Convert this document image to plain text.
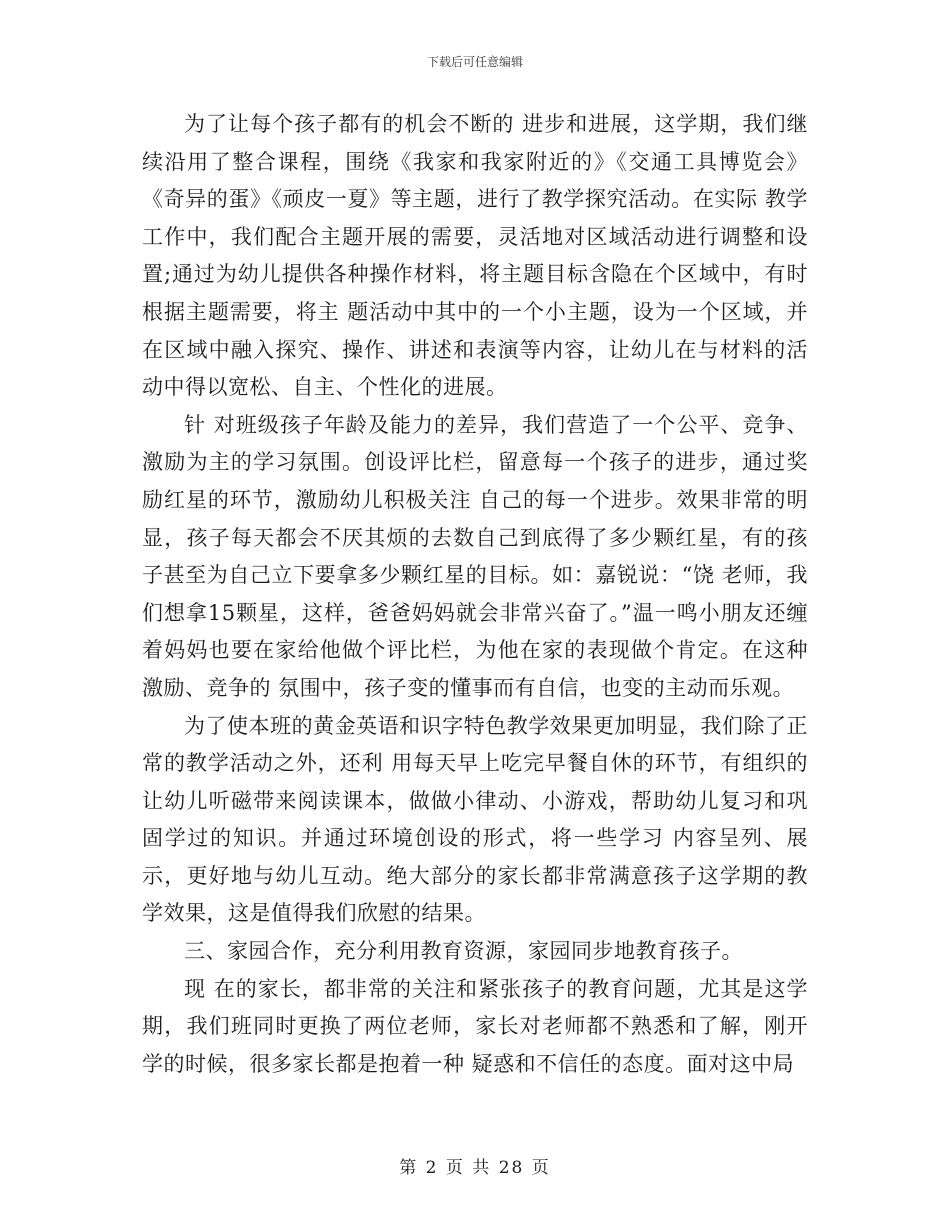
下载后可任意编辑

为了让每个孩子都有的机会不断的 进步和进展，这学期，我们继续沿用了整合课程，围绕《我家和我家附近的》《交通工具博览会》《奇异的蛋》《顽皮一夏》等主题，进行了教学探究活动。在实际 教学工作中，我们配合主题开展的需要，灵活地对区域活动进行调整和设置;通过为幼儿提供各种操作材料，将主题目标含隐在个区域中，有时根据主题需要，将主 题活动中其中的一个小主题，设为一个区域，并在区域中融入探究、操作、讲述和表演等内容，让幼儿在与材料的活动中得以宽松、自主、个性化的进展。

针 对班级孩子年龄及能力的差异，我们营造了一个公平、竞争、激励为主的学习氛围。创设评比栏，留意每一个孩子的进步，通过奖励红星的环节，激励幼儿积极关注 自己的每一个进步。效果非常的明显，孩子每天都会不厌其烦的去数自己到底得了多少颗红星，有的孩子甚至为自己立下要拿多少颗红星的目标。如：嘉锐说：“饶 老师，我们想拿15颗星，这样，爸爸妈妈就会非常兴奋了。”温一鸣小朋友还缠着妈妈也要在家给他做个评比栏，为他在家的表现做个肯定。在这种激励、竞争的 氛围中，孩子变的懂事而有自信，也变的主动而乐观。

为了使本班的黄金英语和识字特色教学效果更加明显，我们除了正常的教学活动之外，还利 用每天早上吃完早餐自休的环节，有组织的让幼儿听磁带来阅读课本，做做小律动、小游戏，帮助幼儿复习和巩固学过的知识。并通过环境创设的形式，将一些学习 内容呈列、展示，更好地与幼儿互动。绝大部分的家长都非常满意孩子这学期的教学效果，这是值得我们欣慰的结果。

三、家园合作，充分利用教育资源，家园同步地教育孩子。

现 在的家长，都非常的关注和紧张孩子的教育问题，尤其是这学期，我们班同时更换了两位老师，家长对老师都不熟悉和了解，刚开学的时候，很多家长都是抱着一种 疑惑和不信任的态度。面对这中局

第 2 页 共 28 页
